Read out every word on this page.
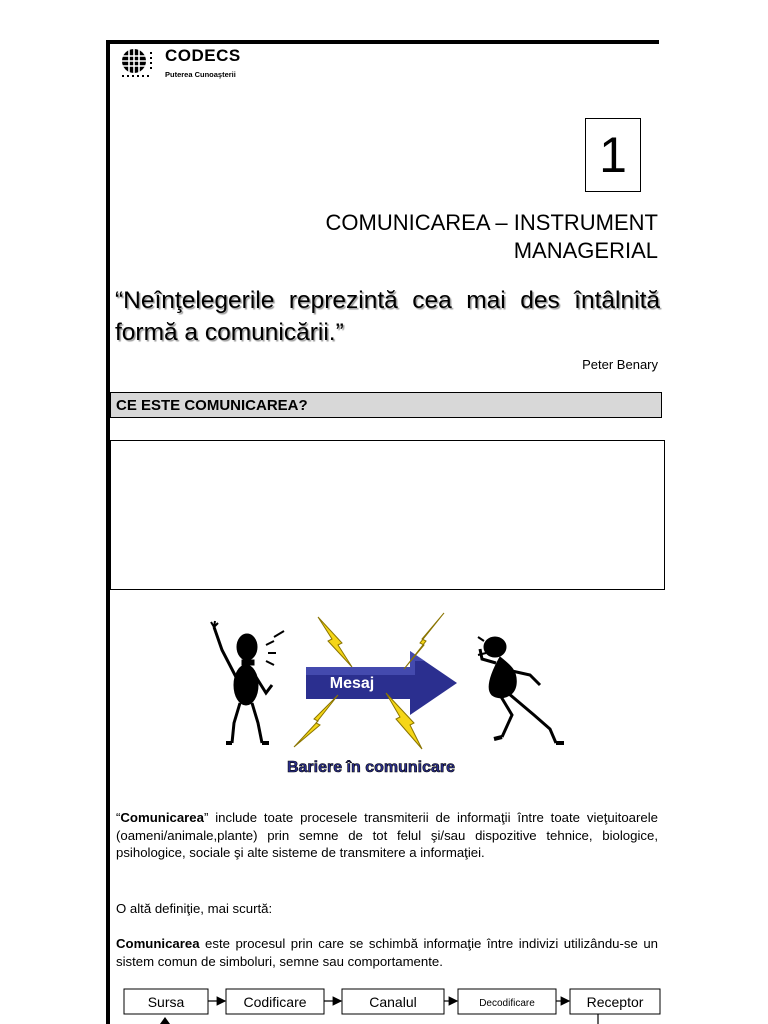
CODECS
Puterea Cunoaşterii
1
COMUNICAREA – INSTRUMENT
MANAGERIAL
“Neînţelegerile reprezintă cea mai des întâlnită formă a comunicării.”
Peter Benary
CE ESTE COMUNICAREA?
Mesaj
Bariere în comunicare
“Comunicarea” include toate procesele transmiterii de informaţii între toate vieţuitoarele (oameni/animale,plante) prin semne de tot felul şi/sau dispozitive tehnice, biologice, psihologice, sociale şi alte sisteme de transmitere a informaţiei.
O altă definiţie, mai scurtă:
Comunicarea este procesul prin care se schimbă informaţie între indivizi utilizându-se un sistem comun de simboluri, semne sau comportamente.
Sursa	Codificare	Canalul	Decodificare	Receptor
